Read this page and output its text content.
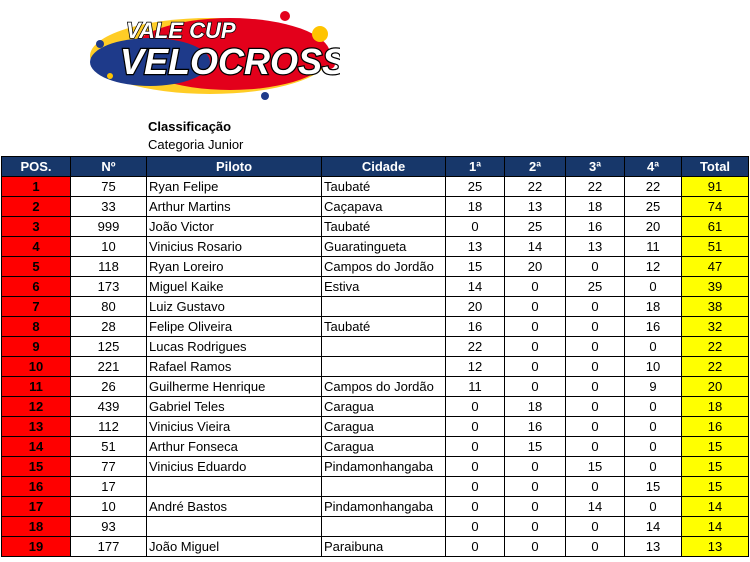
VALE CUP
VELOCROSS
Classificação
Categoria Junior
POS.	Nº	Piloto	Cidade	1ª	2ª	3ª	4ª	Total
1	75	Ryan Felipe	Taubaté	25	22	22	22	91
2	33	Arthur Martins	Caçapava	18	13	18	25	74
3	999	João Victor	Taubaté	0	25	16	20	61
4	10	Vinicius Rosario	Guaratingueta	13	14	13	11	51
5	118	Ryan Loreiro	Campos do Jordão	15	20	0	12	47
6	173	Miguel Kaike	Estiva	14	0	25	0	39
7	80	Luiz Gustavo		20	0	0	18	38
8	28	Felipe Oliveira	Taubaté	16	0	0	16	32
9	125	Lucas Rodrigues		22	0	0	0	22
10	221	Rafael Ramos		12	0	0	10	22
11	26	Guilherme Henrique	Campos do Jordão	11	0	0	9	20
12	439	Gabriel Teles	Caragua	0	18	0	0	18
13	112	Vinicius Vieira	Caragua	0	16	0	0	16
14	51	Arthur Fonseca	Caragua	0	15	0	0	15
15	77	Vinicius Eduardo	Pindamonhangaba	0	0	15	0	15
16	17			0	0	0	15	15
17	10	André Bastos	Pindamonhangaba	0	0	14	0	14
18	93			0	0	0	14	14
19	177	João Miguel	Paraibuna	0	0	0	13	13
